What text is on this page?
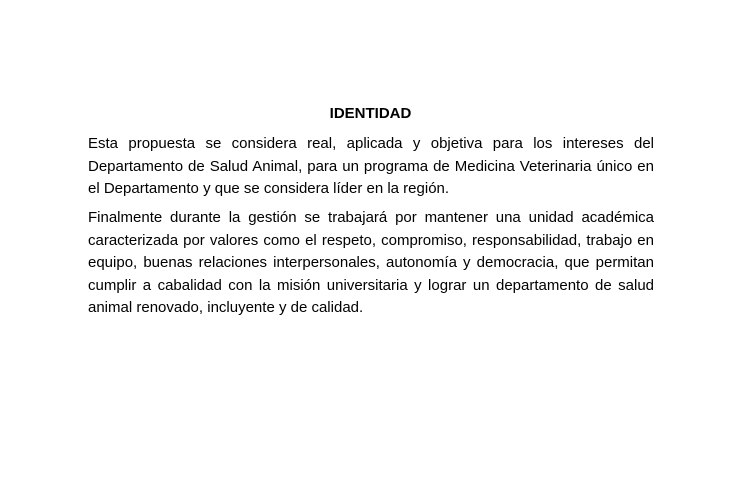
IDENTIDAD

Esta propuesta se considera real, aplicada y objetiva para los intereses del Departamento de Salud Animal, para un programa de Medicina Veterinaria único en el Departamento y que se considera líder en la región.

Finalmente durante la gestión se trabajará por mantener una unidad académica caracterizada por valores como el respeto, compromiso, responsabilidad, trabajo en equipo, buenas relaciones interpersonales, autonomía y democracia, que permitan cumplir a cabalidad con la misión universitaria y lograr un departamento de salud animal renovado, incluyente y de calidad.
